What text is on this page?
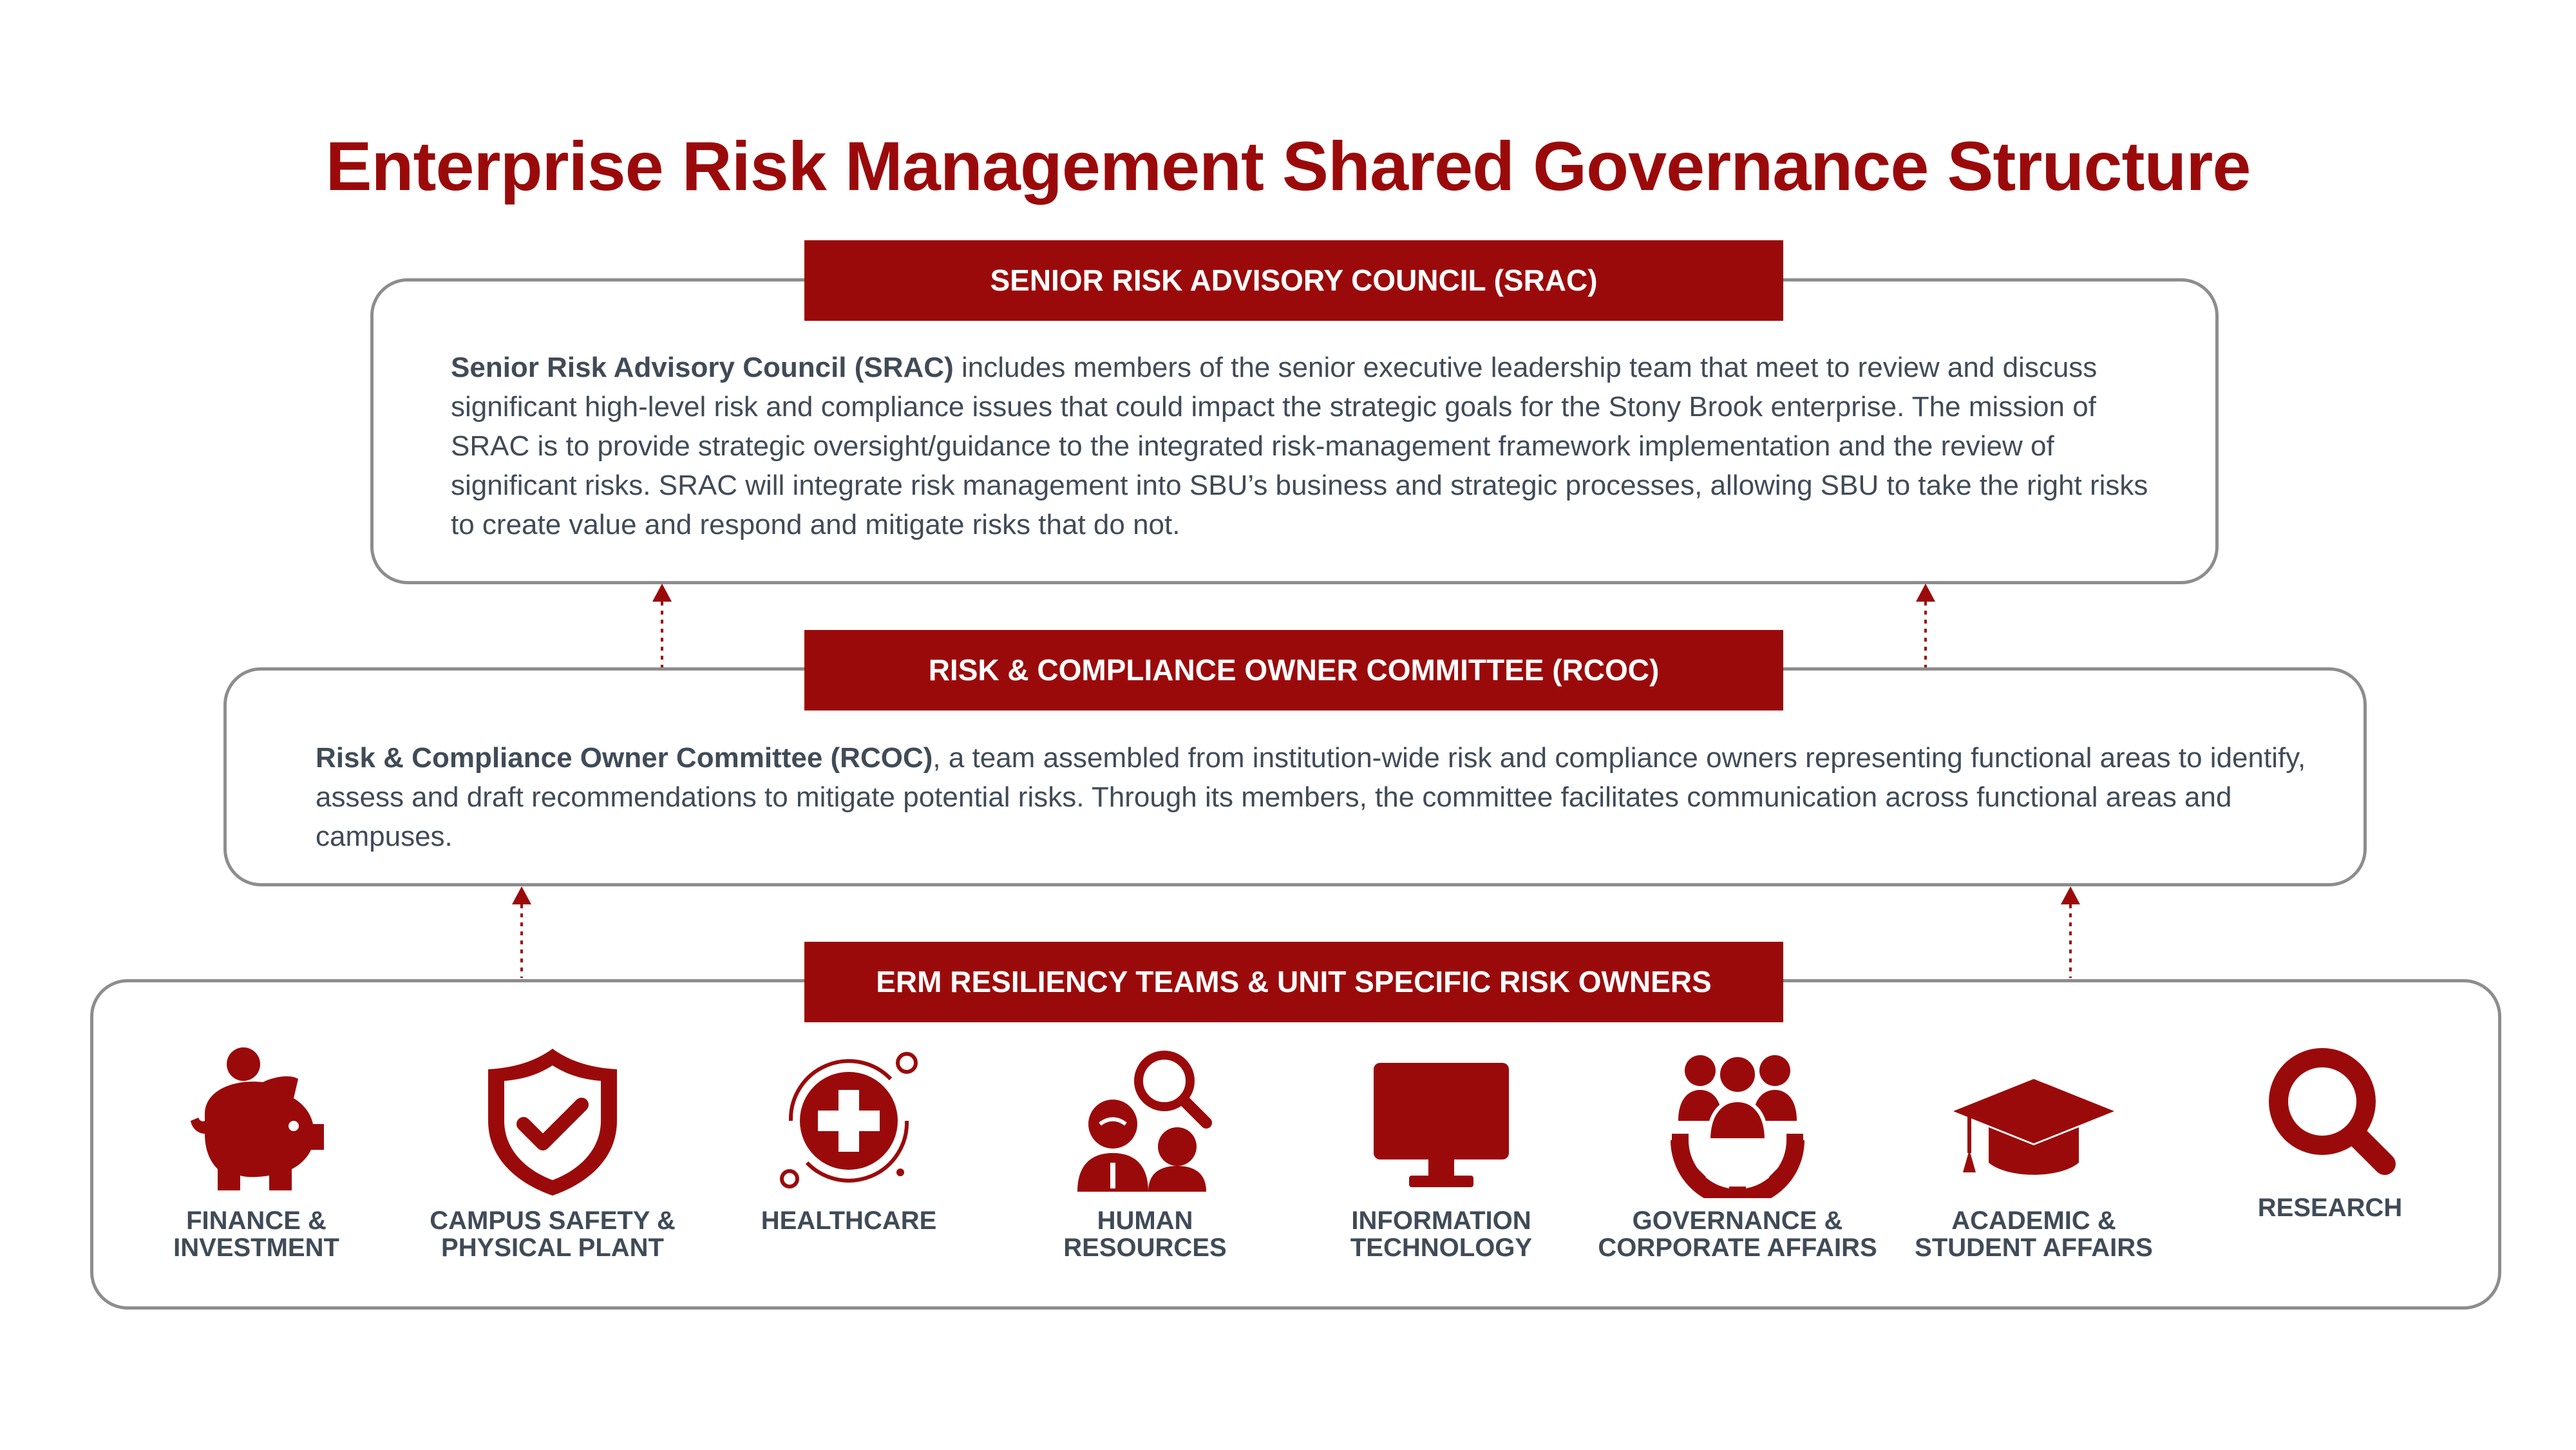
Enterprise Risk Management Shared Governance Structure
SENIOR RISK ADVISORY COUNCIL (SRAC)
Senior Risk Advisory Council (SRAC) includes members of the senior executive leadership team that meet to review and discuss significant high-level risk and compliance issues that could impact the strategic goals for the Stony Brook enterprise. The mission of SRAC is to provide strategic oversight/guidance to the integrated risk-management framework implementation and the review of significant risks. SRAC will integrate risk management into SBU’s business and strategic processes, allowing SBU to take the right risks to create value and respond and mitigate risks that do not.
RISK & COMPLIANCE OWNER COMMITTEE (RCOC)
Risk & Compliance Owner Committee (RCOC), a team assembled from institution-wide risk and compliance owners representing functional areas to identify, assess and draft recommendations to mitigate potential risks. Through its members, the committee facilitates communication across functional areas and campuses.
ERM RESILIENCY TEAMS & UNIT SPECIFIC RISK OWNERS
FINANCE &
INVESTMENT
CAMPUS SAFETY &
PHYSICAL PLANT
HEALTHCARE	HUMAN
RESOURCES
INFORMATION
TECHNOLOGY
GOVERNANCE &
CORPORATE AFFAIRS
ACADEMIC &
STUDENT AFFAIRS
RESEARCH
